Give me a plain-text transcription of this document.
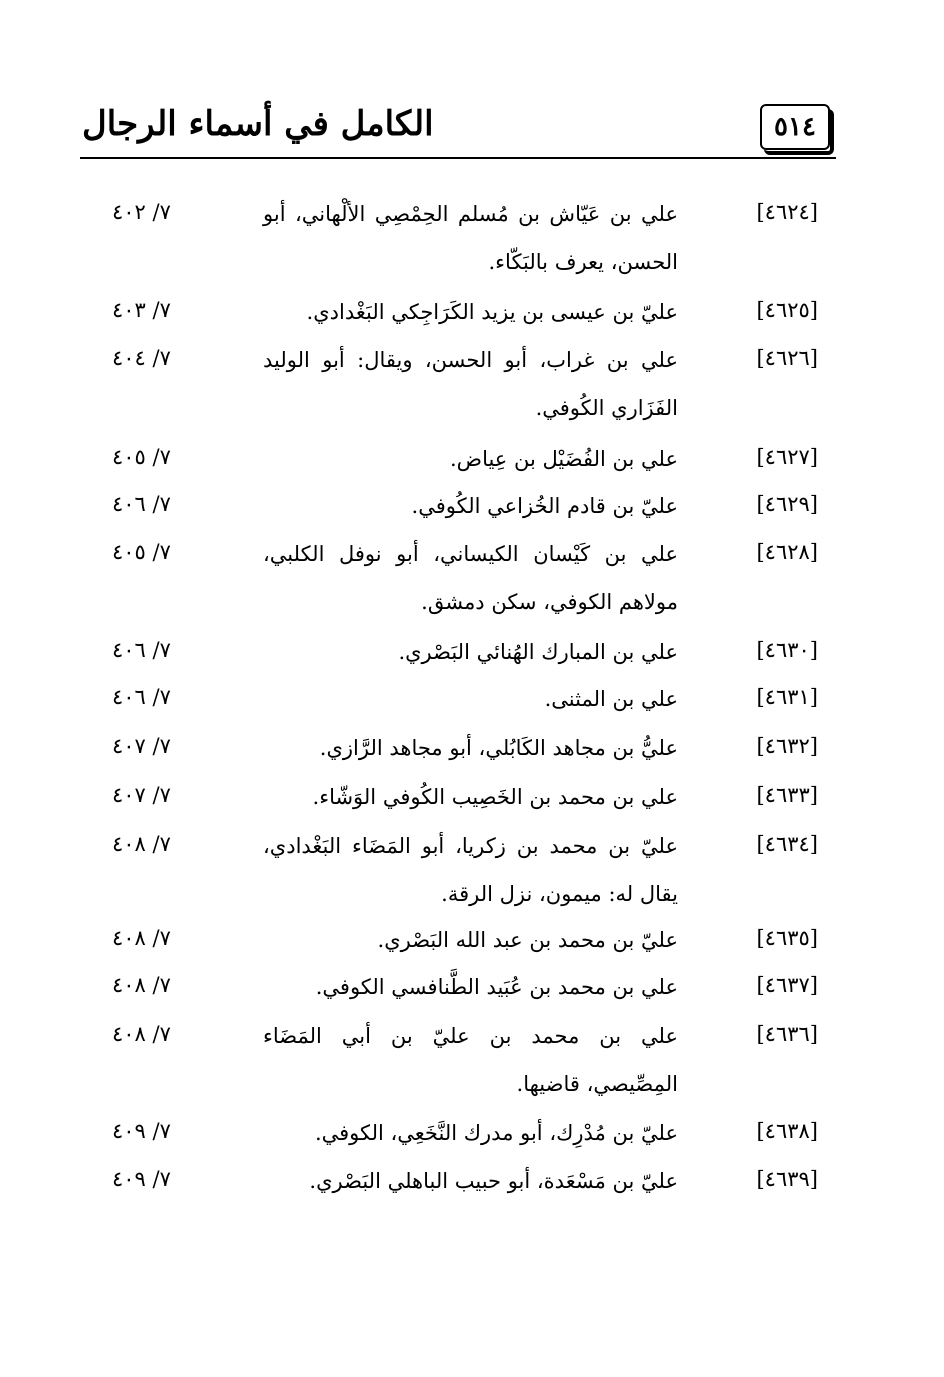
الكامل في أسماء الرجال	٥١٤
[٤٦٢٤]
علي بن عَيّاش بن مُسلم الحِمْصِي الألْهاني، أبو الحسن، يعرف بالبَكّاء.
٧/ ٤٠٢
[٤٦٢٥]
عليّ بن عيسى بن يزيد الكَرَاجِكي البَغْدادي.
٧/ ٤٠٣
[٤٦٢٦]
علي بن غراب، أبو الحسن، ويقال: أبو الوليد الفَزَاري الكُوفي.
٧/ ٤٠٤
[٤٦٢٧]
علي بن الفُضَيْل بن عِياض.
٧/ ٤٠٥
[٤٦٢٩]
عليّ بن قادم الخُزاعي الكُوفي.
٧/ ٤٠٦
[٤٦٢٨]
علي بن كَيْسان الكيساني، أبو نوفل الكلبي، مولاهم الكوفي، سكن دمشق.
٧/ ٤٠٥
[٤٦٣٠]
علي بن المبارك الهُنائي البَصْري.
٧/ ٤٠٦
[٤٦٣١]
علي بن المثنى.
٧/ ٤٠٦
[٤٦٣٢]
عليُّ بن مجاهد الكَابُلي، أبو مجاهد الرَّازي.
٧/ ٤٠٧
[٤٦٣٣]
علي بن محمد بن الخَصِيب الكُوفي الوَشّاء.
٧/ ٤٠٧
[٤٦٣٤]
عليّ بن محمد بن زكريا، أبو المَضَاء البَغْدادي، يقال له: ميمون، نزل الرقة.
٧/ ٤٠٨
[٤٦٣٥]
عليّ بن محمد بن عبد الله البَصْري.
٧/ ٤٠٨
[٤٦٣٧]
علي بن محمد بن عُبَيد الطَّنافسي الكوفي.
٧/ ٤٠٨
[٤٦٣٦]
علي بن محمد بن عليّ بن أبي المَضَاء المِصِّيصي، قاضيها.
٧/ ٤٠٨
[٤٦٣٨]
عليّ بن مُدْرِك، أبو مدرك النَّخَعِي، الكوفي.
٧/ ٤٠٩
[٤٦٣٩]
عليّ بن مَسْعَدة، أبو حبيب الباهلي البَصْري.
٧/ ٤٠٩
